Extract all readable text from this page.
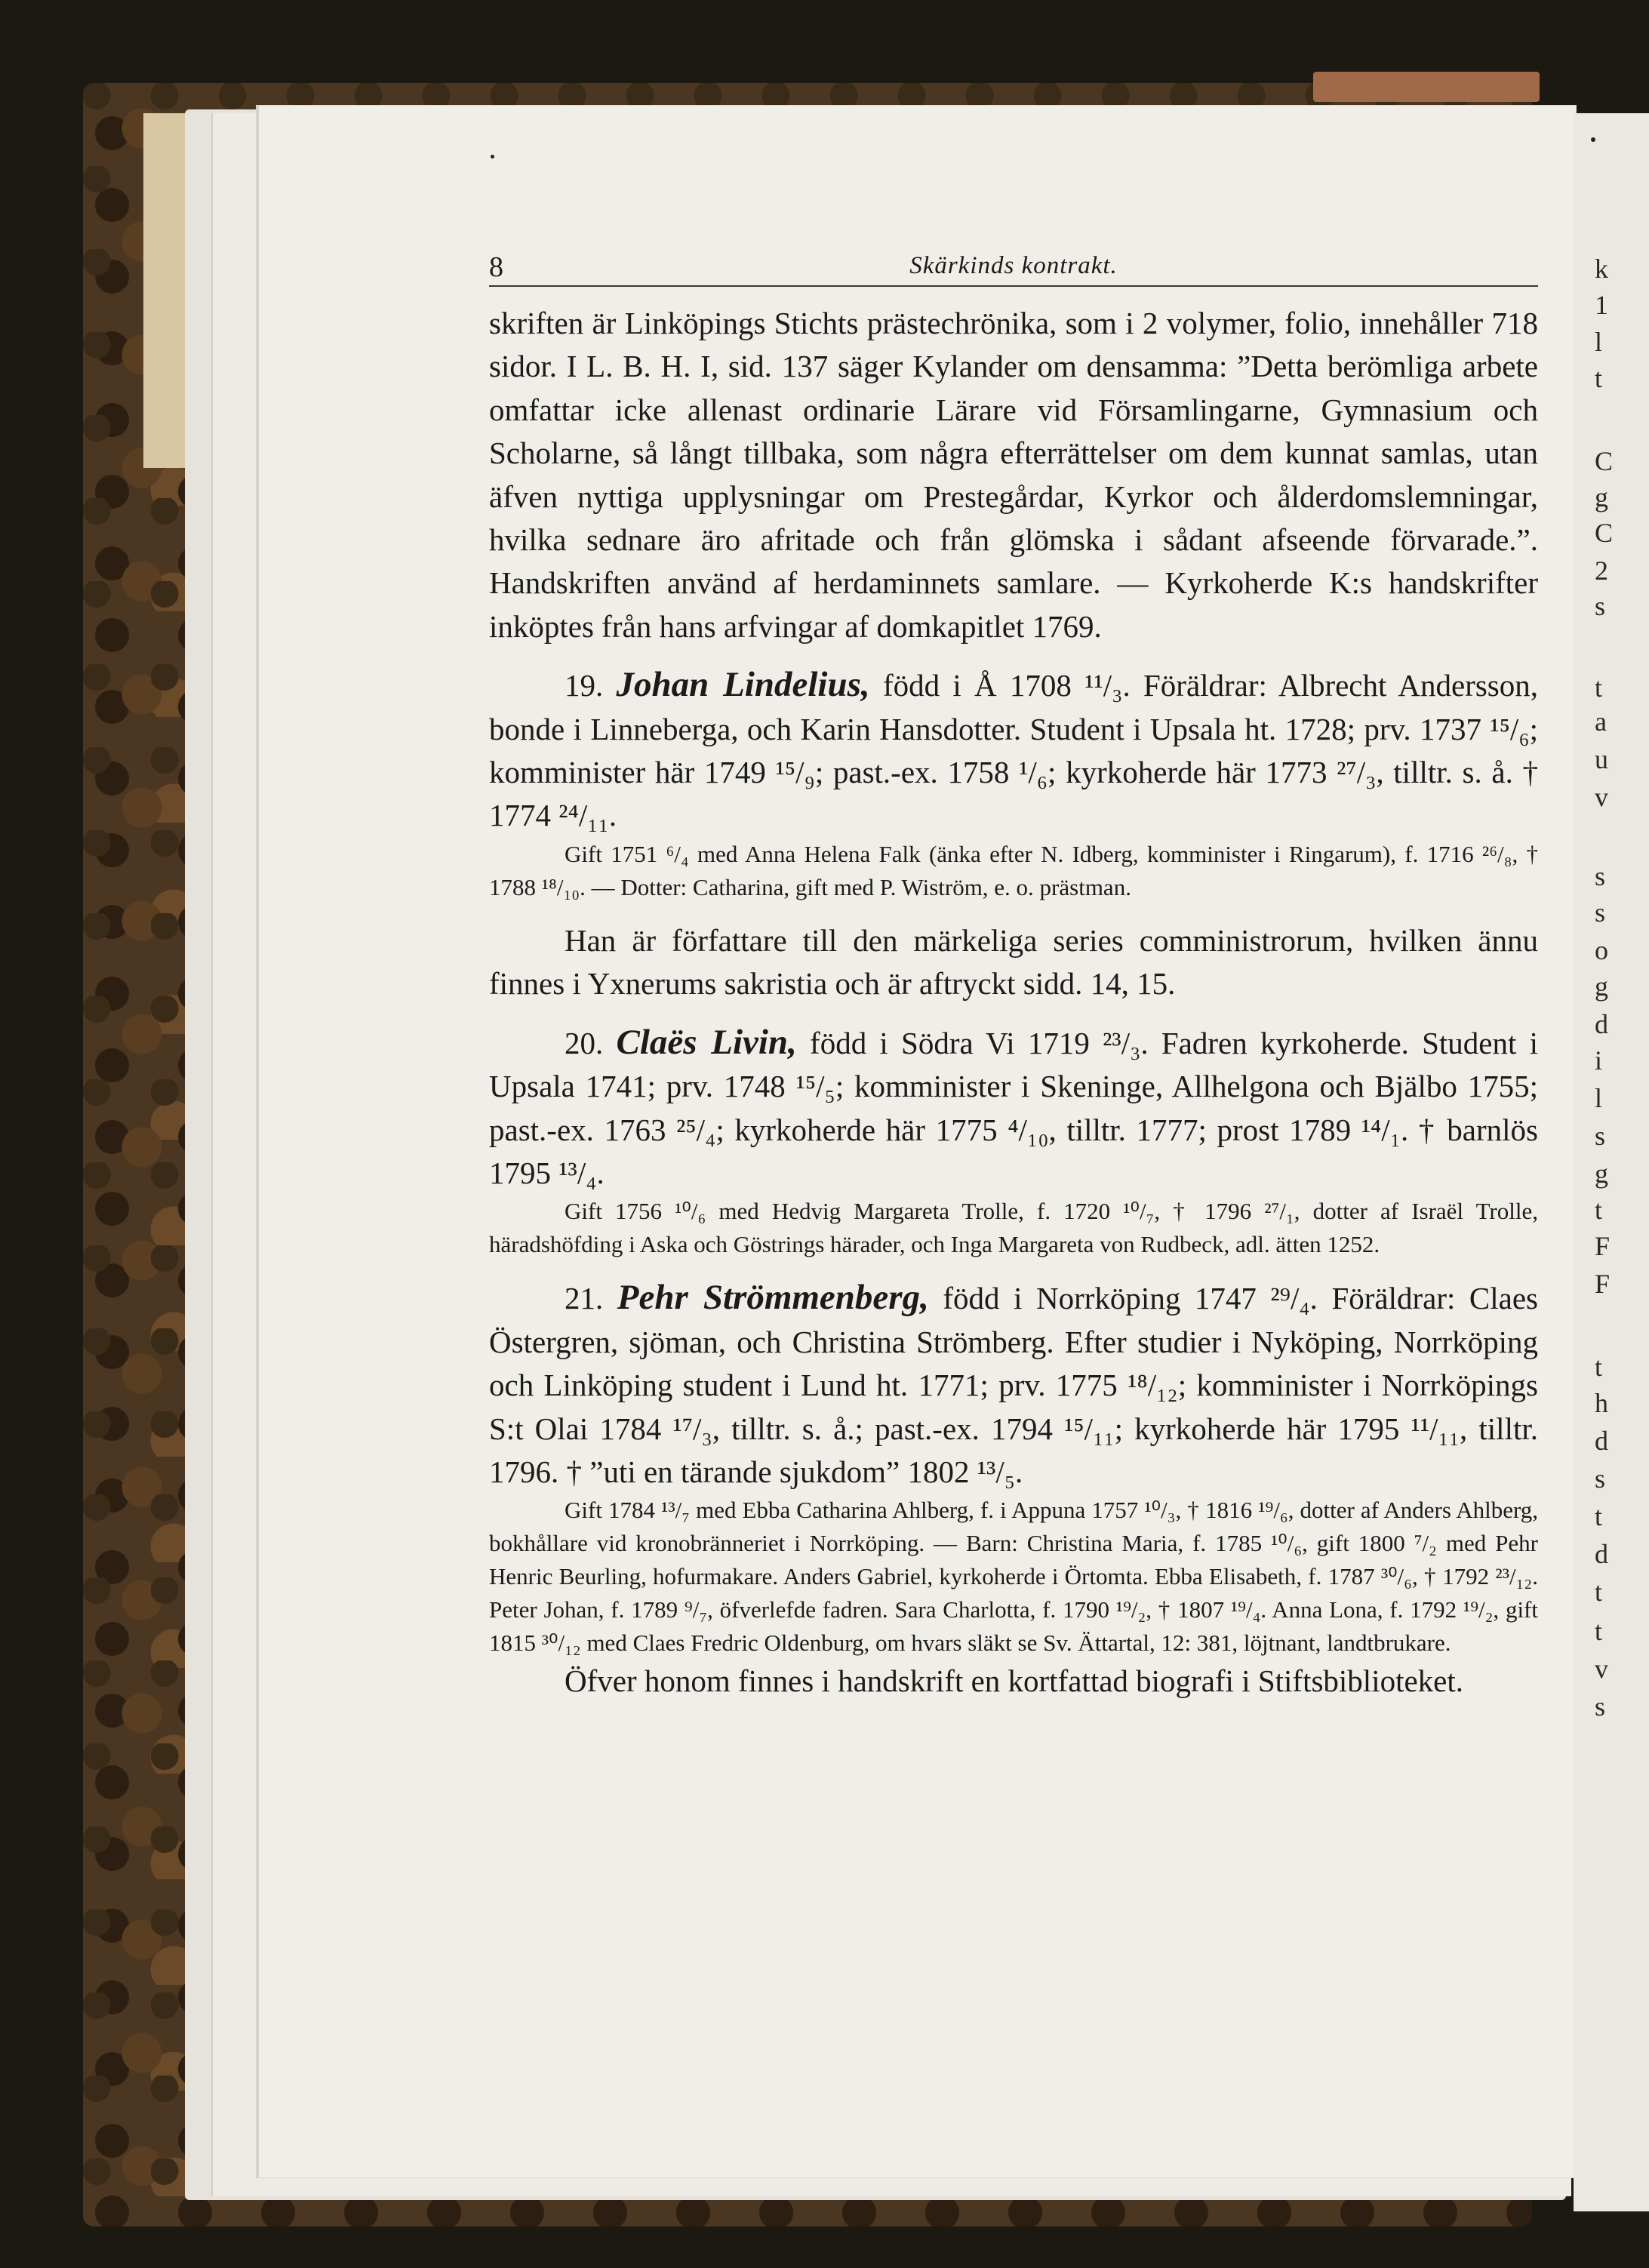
k
1
l
t
C
g
C
2
s
t
a
u
v
s
s
o
g
d
i
l
s
g
t
F
F
t
h
d
s
t
d
t
t
v
s
8	Skärkinds kontrakt.

skriften är Linköpings Stichts prästechrönika, som i 2 volymer, folio, innehåller 718 sidor. I L. B. H. I, sid. 137 säger Kylander om densamma: ”Detta berömliga arbete omfattar icke allenast ordinarie Lärare vid Församlingarne, Gymnasium och Scholarne, så långt tillbaka, som några efterrättelser om dem kunnat samlas, utan äfven nyttiga upplysningar om Prestegårdar, Kyrkor och ålderdomslemningar, hvilka sednare äro afritade och från glömska i sådant afseende förvarade.”. Handskriften använd af herdaminnets samlare. — Kyrkoherde K:s handskrifter inköptes från hans arfvingar af domkapitlet 1769.

19. Johan Lindelius, född i Å 1708 ¹¹/₃. Föräldrar: Albrecht Andersson, bonde i Linneberga, och Karin Hansdotter. Student i Upsala ht. 1728; prv. 1737 ¹⁵/₆; komminister här 1749 ¹⁵/₉; past.-ex. 1758 ¹/₆; kyrkoherde här 1773 ²⁷/₃, tilltr. s. å. † 1774 ²⁴/₁₁.

Gift 1751 ⁶/₄ med Anna Helena Falk (änka efter N. Idberg, komminister i Ringarum), f. 1716 ²⁶/₈, † 1788 ¹⁸/₁₀. — Dotter: Catharina, gift med P. Wiström, e. o. prästman.

Han är författare till den märkeliga series comministrorum, hvilken ännu finnes i Yxnerums sakristia och är aftryckt sidd. 14, 15.

20. Claës Livin, född i Södra Vi 1719 ²³/₃. Fadren kyrkoherde. Student i Upsala 1741; prv. 1748 ¹⁵/₅; komminister i Skeninge, Allhelgona och Bjälbo 1755; past.-ex. 1763 ²⁵/₄; kyrkoherde här 1775 ⁴/₁₀, tilltr. 1777; prost 1789 ¹⁴/₁. † barnlös 1795 ¹³/₄.

Gift 1756 ¹⁰/₆ med Hedvig Margareta Trolle, f. 1720 ¹⁰/₇, † 1796 ²⁷/₁, dotter af Israël Trolle, häradshöfding i Aska och Göstrings härader, och Inga Margareta von Rudbeck, adl. ätten 1252.

21. Pehr Strömmenberg, född i Norrköping 1747 ²⁹/₄. Föräldrar: Claes Östergren, sjöman, och Christina Strömberg. Efter studier i Nyköping, Norrköping och Linköping student i Lund ht. 1771; prv. 1775 ¹⁸/₁₂; komminister i Norrköpings S:t Olai 1784 ¹⁷/₃, tilltr. s. å.; past.-ex. 1794 ¹⁵/₁₁; kyrkoherde här 1795 ¹¹/₁₁, tilltr. 1796. † ”uti en tärande sjukdom” 1802 ¹³/₅.

Gift 1784 ¹³/₇ med Ebba Catharina Ahlberg, f. i Appuna 1757 ¹⁰/₃, † 1816 ¹⁹/₆, dotter af Anders Ahlberg, bokhållare vid kronobränneriet i Norrköping. — Barn: Christina Maria, f. 1785 ¹⁰/₆, gift 1800 ⁷/₂ med Pehr Henric Beurling, hofurmakare. Anders Gabriel, kyrkoherde i Örtomta. Ebba Elisabeth, f. 1787 ³⁰/₆, † 1792 ²³/₁₂. Peter Johan, f. 1789 ⁹/₇, öfverlefde fadren. Sara Charlotta, f. 1790 ¹⁹/₂, † 1807 ¹⁹/₄. Anna Lona, f. 1792 ¹⁹/₂, gift 1815 ³⁰/₁₂ med Claes Fredric Oldenburg, om hvars släkt se Sv. Ättartal, 12: 381, löjtnant, landtbrukare.

Öfver honom finnes i handskrift en kortfattad biografi i Stiftsbiblioteket.
